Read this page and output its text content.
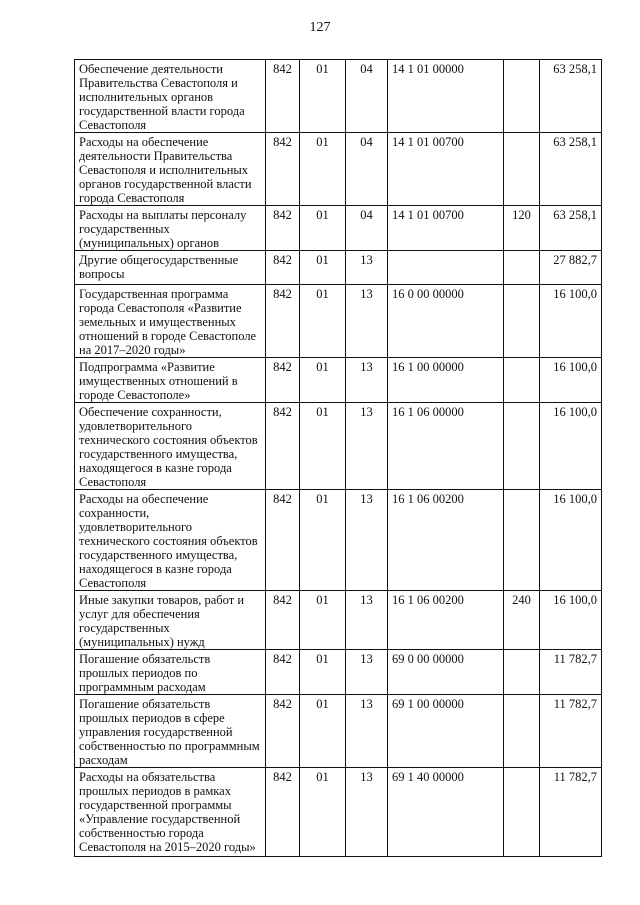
127
Обеспечение деятельности Правительства Севастополя и исполнительных органов государственной власти города Севастополя	842	01	04	14 1 01 00000		63 258,1
Расходы на обеспечение деятельности Правительства Севастополя и исполнительных органов государственной власти города Севастополя	842	01	04	14 1 01 00700		63 258,1
Расходы на выплаты персоналу государственных (муниципальных) органов	842	01	04	14 1 01 00700	120	63 258,1
Другие общегосударственные вопросы	842	01	13			27 882,7
Государственная программа города Севастополя «Развитие земельных и имущественных отношений в городе Севастополе на 2017–2020 годы»	842	01	13	16 0 00 00000		16 100,0
Подпрограмма «Развитие имущественных отношений в городе Севастополе»	842	01	13	16 1 00 00000		16 100,0
Обеспечение сохранности, удовлетворительного технического состояния объектов государственного имущества, находящегося в казне города Севастополя	842	01	13	16 1 06 00000		16 100,0
Расходы на обеспечение сохранности, удовлетворительного технического состояния объектов государственного имущества, находящегося в казне города Севастополя	842	01	13	16 1 06 00200		16 100,0
Иные закупки товаров, работ и услуг для обеспечения государственных (муниципальных) нужд	842	01	13	16 1 06 00200	240	16 100,0
Погашение обязательств прошлых периодов по программным расходам	842	01	13	69 0 00 00000		11 782,7
Погашение обязательств прошлых периодов в сфере управления государственной собственностью по программным расходам	842	01	13	69 1 00 00000		11 782,7
Расходы на обязательства прошлых периодов в рамках государственной программы «Управление государственной собственностью города Севастополя на 2015–2020 годы»	842	01	13	69 1 40 00000		11 782,7
